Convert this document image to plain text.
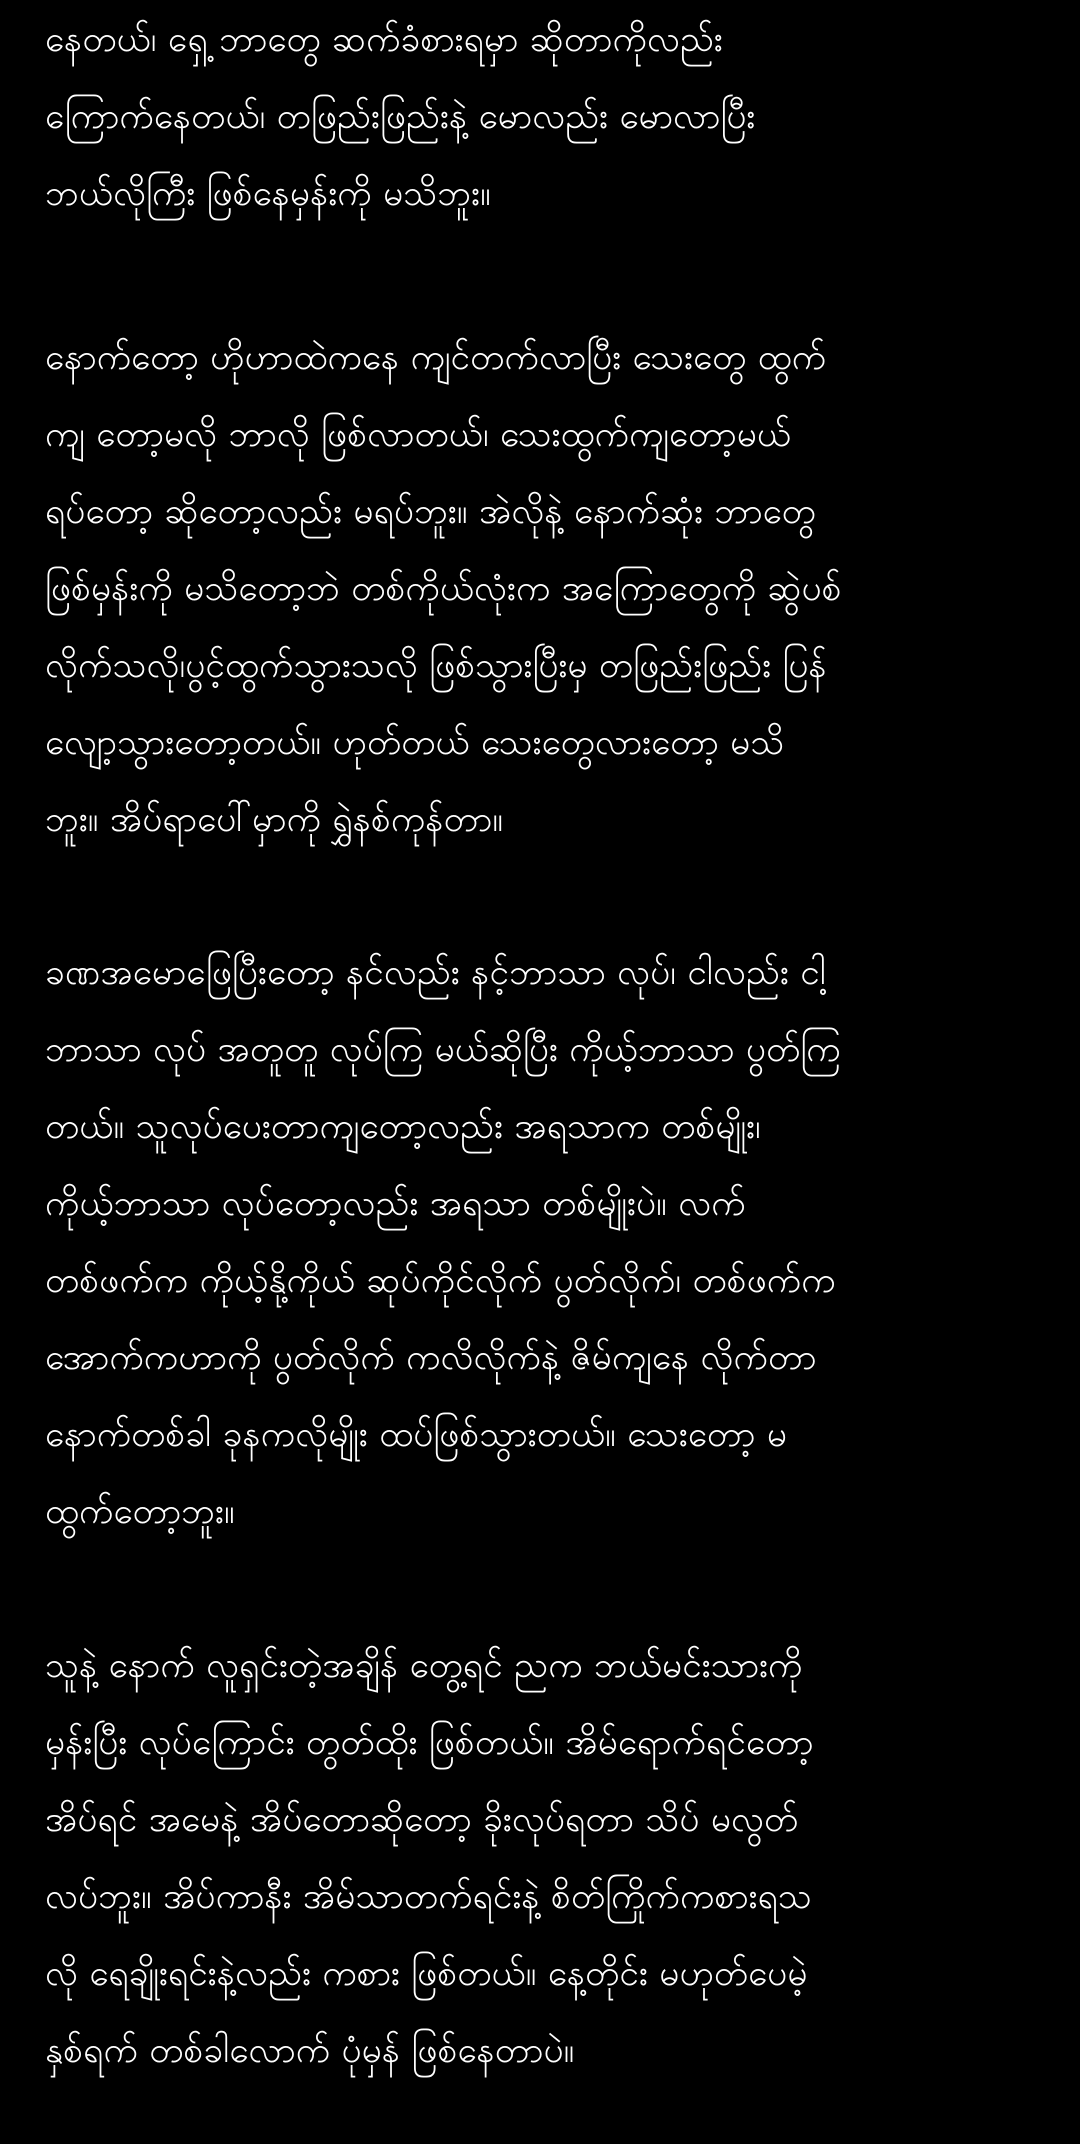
နေတယ်၊ ရှေ့ ဘာတွေ ဆက်ခံစားရမှာ ဆိုတာကိုလည်း
ကြောက်နေတယ်၊ တဖြည်းဖြည်းနဲ့ မောလည်း မောလာပြီး
ဘယ်လိုကြီး ဖြစ်နေမှန်းကို မသိဘူး။
နောက်တော့ ဟိုဟာထဲကနေ ကျင်တက်လာပြီး သေးတွေ ထွက်
ကျ တော့မလို ဘာလို ဖြစ်လာတယ်၊ သေးထွက်ကျတော့မယ်
ရပ်တော့ ဆိုတော့လည်း မရပ်ဘူး။ အဲလိုနဲ့ နောက်ဆုံး ဘာတွေ
ဖြစ်မှန်းကို မသိတော့ဘဲ တစ်ကိုယ်လုံးက အကြောတွေကို ဆွဲပစ်
လိုက်သလို၊ပွင့်ထွက်သွားသလို ဖြစ်သွားပြီးမှ တဖြည်းဖြည်း ပြန်
လျော့သွားတော့တယ်။ ဟုတ်တယ် သေးတွေလားတော့ မသိ
ဘူး။ အိပ်ရာပေါ်မှာကို ရွှဲနစ်ကုန်တာ။
ခဏအမောဖြေပြီးတော့ နင်လည်း နင့်ဘာသာ လုပ်၊ ငါလည်း ငါ့
ဘာသာ လုပ် အတူတူ လုပ်ကြ မယ်ဆိုပြီး ကိုယ့်ဘာသာ ပွတ်ကြ
တယ်။ သူလုပ်ပေးတာကျတော့လည်း အရသာက တစ်မျိုး၊
ကိုယ့်ဘာသာ လုပ်တော့လည်း အရသာ တစ်မျိုးပဲ။ လက်
တစ်ဖက်က ကိုယ့်နို့ကိုယ် ဆုပ်ကိုင်လိုက် ပွတ်လိုက်၊ တစ်ဖက်က
အောက်ကဟာကို ပွတ်လိုက် ကလိလိုက်နဲ့ ဇိမ်ကျနေ လိုက်တာ
နောက်တစ်ခါ ခုနကလိုမျိုး ထပ်ဖြစ်သွားတယ်။ သေးတော့ မ
ထွက်တော့ဘူး။
သူနဲ့ နောက် လူရှင်းတဲ့အချိန် တွေ့ရင် ညက ဘယ်မင်းသားကို
မှန်းပြီး လုပ်ကြောင်း တွတ်ထိုး ဖြစ်တယ်။ အိမ်ရောက်ရင်တော့
အိပ်ရင် အမေနဲ့ အိပ်တောဆိုတော့ ခိုးလုပ်ရတာ သိပ် မလွတ်
လပ်ဘူး။ အိပ်ကာနီး အိမ်သာတက်ရင်းနဲ့ စိတ်ကြိုက်ကစားရသ
လို ရေချိုးရင်းနဲ့လည်း ကစား ဖြစ်တယ်။ နေ့တိုင်း မဟုတ်ပေမဲ့
နှစ်ရက် တစ်ခါလောက် ပုံမှန် ဖြစ်နေတာပဲ။
